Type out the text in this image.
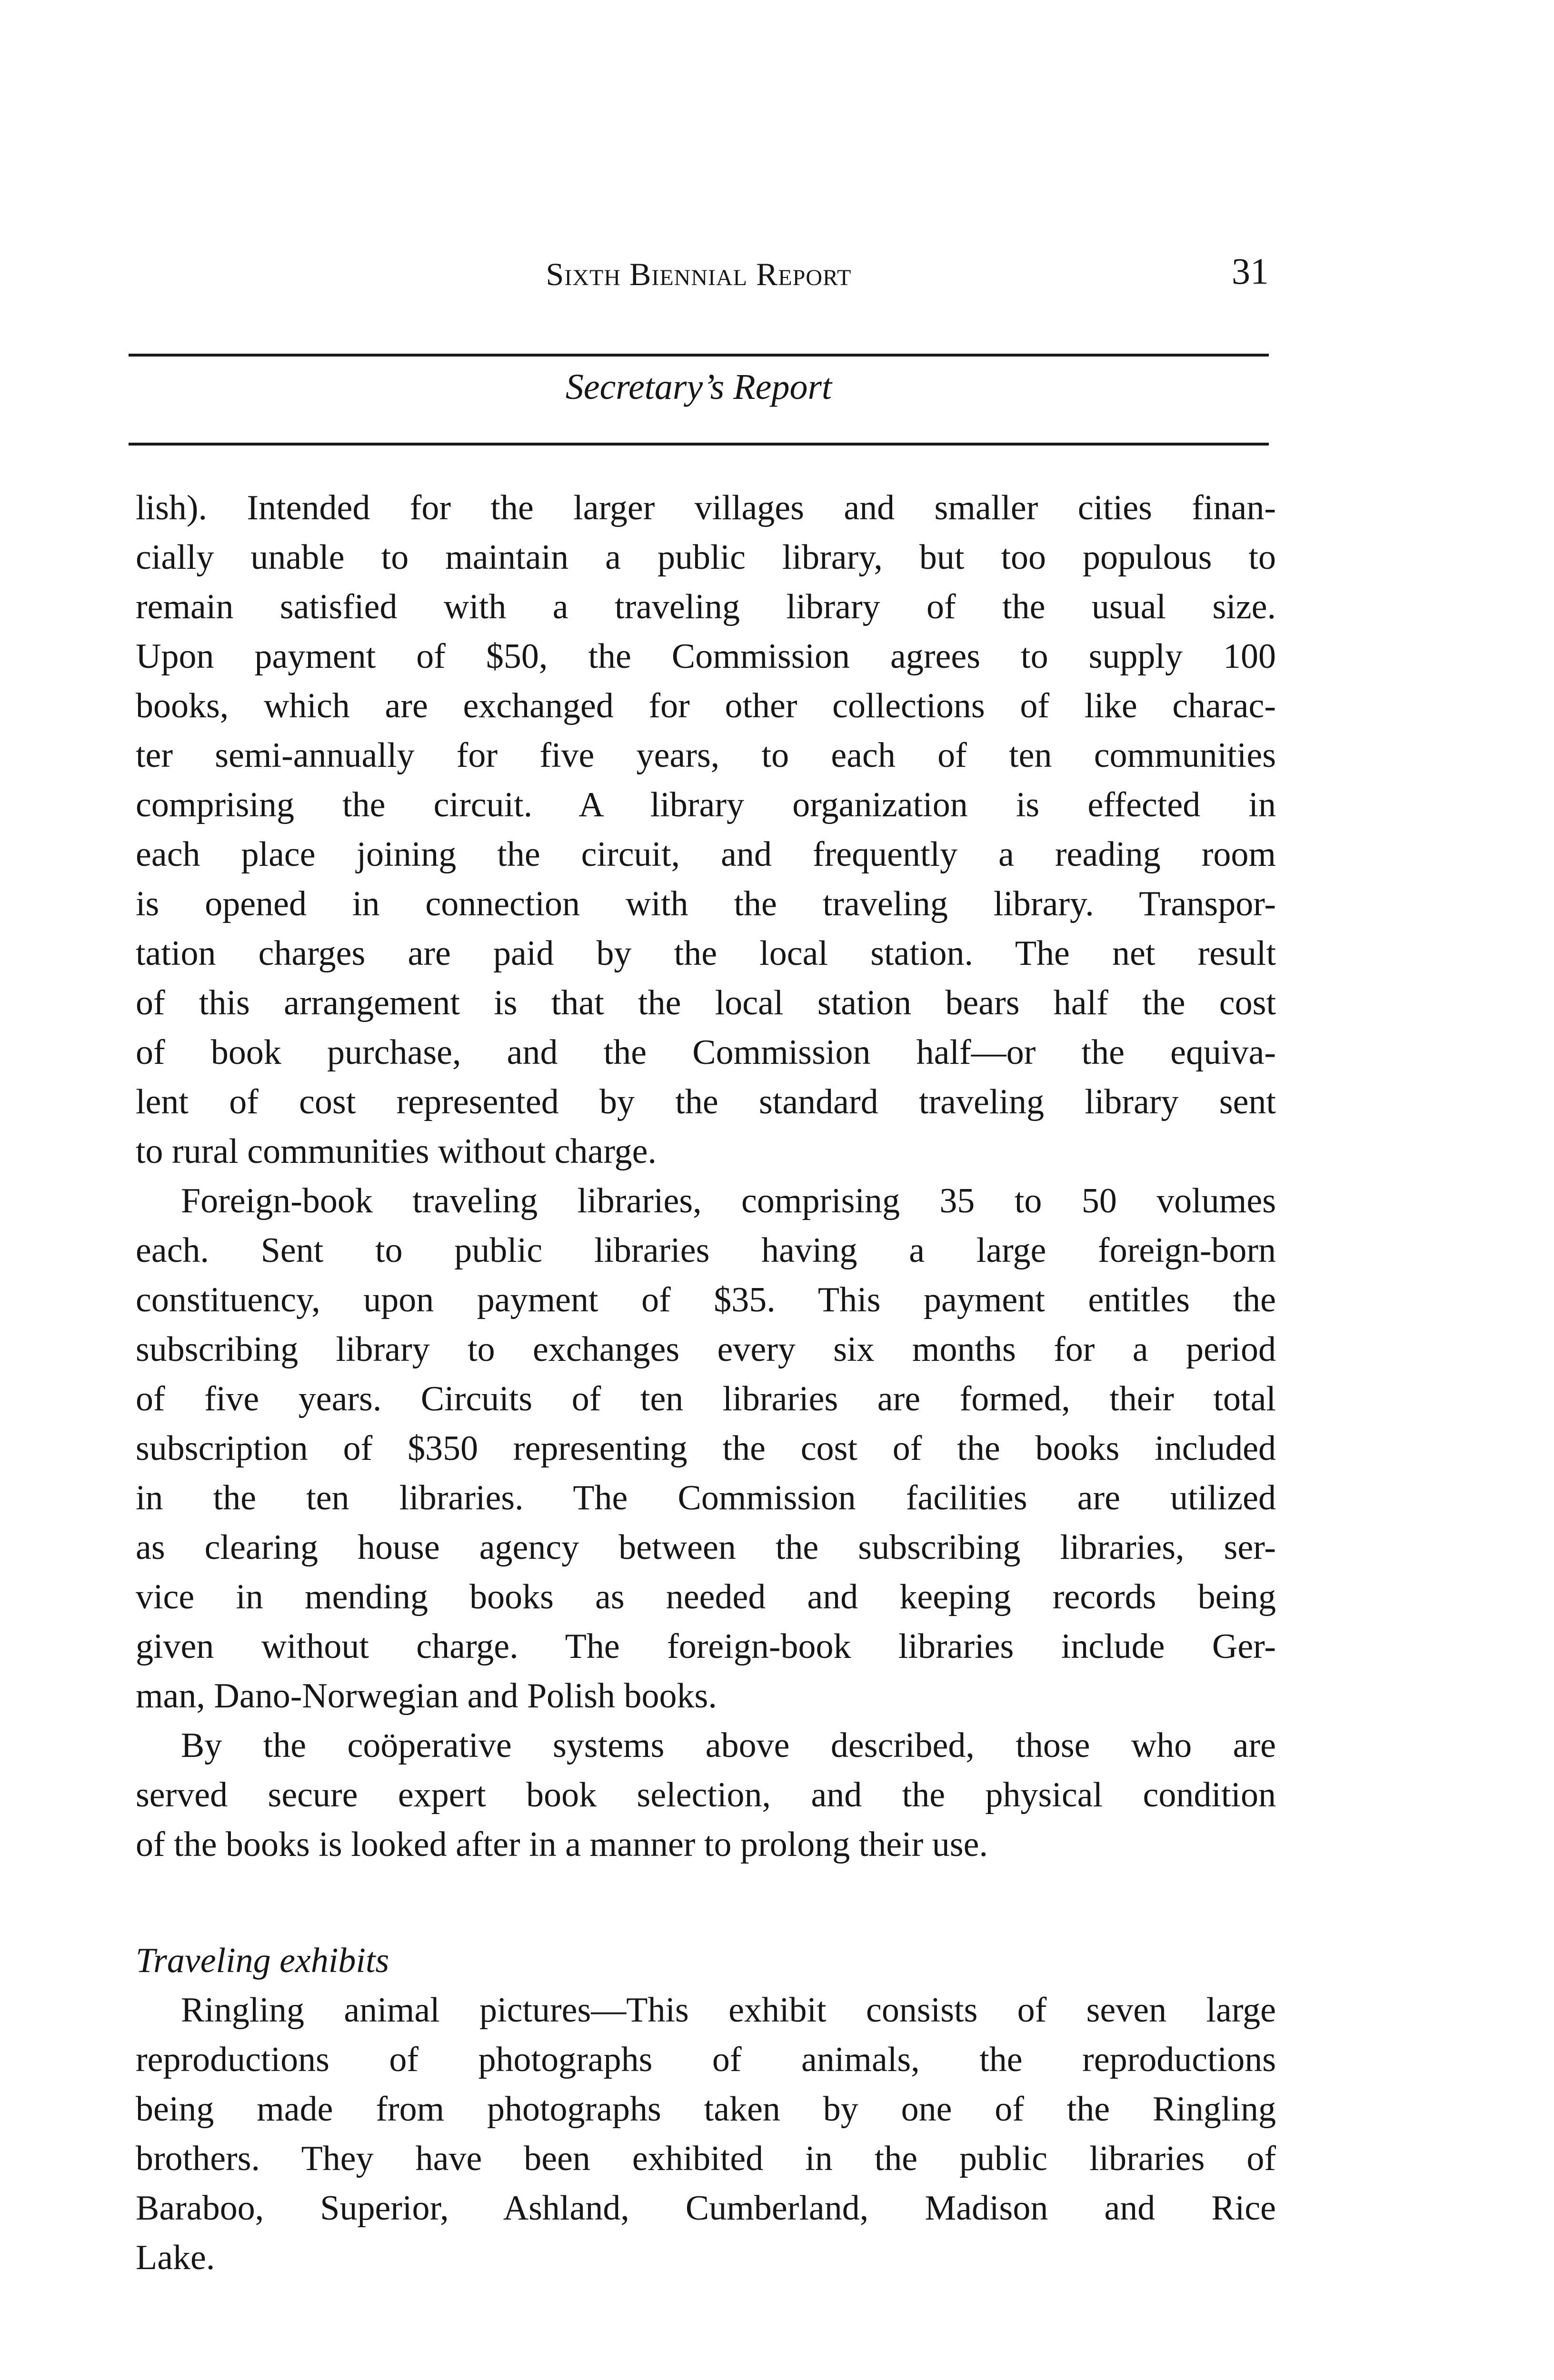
Sixth Biennial Report	31
Secretary’s Report
lish). Intended for the larger villages and smaller cities finan-
cially unable to maintain a public library, but too populous to
remain satisfied with a traveling library of the usual size.
Upon payment of $50, the Commission agrees to supply 100
books, which are exchanged for other collections of like charac-
ter semi-annually for five years, to each of ten communities
comprising the circuit. A library organization is effected in
each place joining the circuit, and frequently a reading room
is opened in connection with the traveling library. Transpor-
tation charges are paid by the local station. The net result
of this arrangement is that the local station bears half the cost
of book purchase, and the Commission half—or the equiva-
lent of cost represented by the standard traveling library sent
to rural communities without charge.
Foreign-book traveling libraries, comprising 35 to 50 volumes
each. Sent to public libraries having a large foreign-born
constituency, upon payment of $35. This payment entitles the
subscribing library to exchanges every six months for a period
of five years. Circuits of ten libraries are formed, their total
subscription of $350 representing the cost of the books included
in the ten libraries. The Commission facilities are utilized
as clearing house agency between the subscribing libraries, ser-
vice in mending books as needed and keeping records being
given without charge. The foreign-book libraries include Ger-
man, Dano-Norwegian and Polish books.
By the coöperative systems above described, those who are
served secure expert book selection, and the physical condition
of the books is looked after in a manner to prolong their use.
Traveling exhibits
Ringling animal pictures—This exhibit consists of seven large
reproductions of photographs of animals, the reproductions
being made from photographs taken by one of the Ringling
brothers. They have been exhibited in the public libraries of
Baraboo, Superior, Ashland, Cumberland, Madison and Rice
Lake.
